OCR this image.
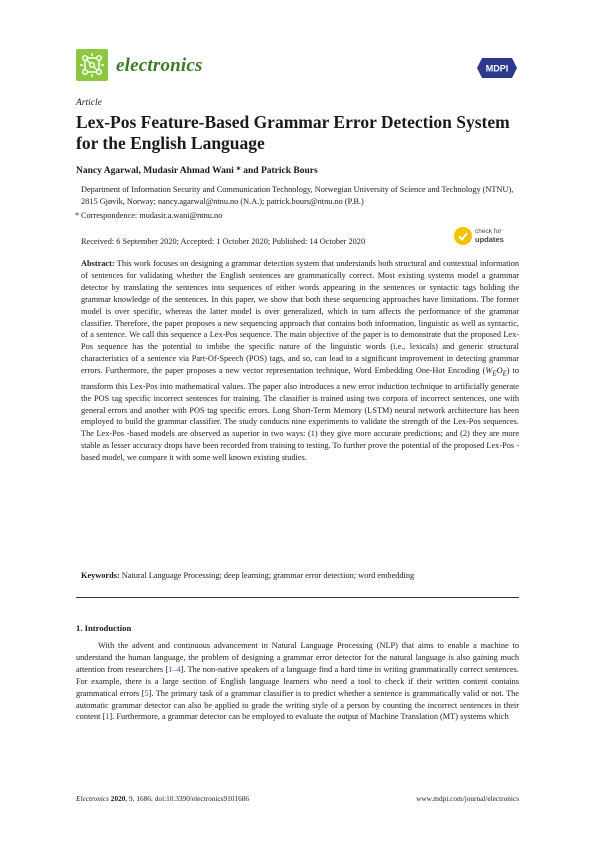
electronics	MDPI
Article
Lex-Pos Feature-Based Grammar Error Detection System for the English Language
Nancy Agarwal, Mudasir Ahmad Wani * and Patrick Bours
Department of Information Security and Communication Technology, Norwegian University of Science and Technology (NTNU), 2815 Gjøvik, Norway; nancy.agarwal@ntnu.no (N.A.); patrick.bours@ntnu.no (P.B.)
* Correspondence: mudasir.a.wani@ntnu.no
Received: 6 September 2020; Accepted: 1 October 2020; Published: 14 October 2020
check for
updates
Abstract: This work focuses on designing a grammar detection system that understands both structural and contextual information of sentences for validating whether the English sentences are grammatically correct. Most existing systems model a grammar detector by translating the sentences into sequences of either words appearing in the sentences or syntactic tags holding the grammar knowledge of the sentences. In this paper, we show that both these sequencing approaches have limitations. The former model is over specific, whereas the latter model is over generalized, which in turn affects the performance of the grammar classifier. Therefore, the paper proposes a new sequencing approach that contains both information, linguistic as well as syntactic, of a sentence. We call this sequence a Lex-Pos sequence. The main objective of the paper is to demonstrate that the proposed Lex-Pos sequence has the potential to imbibe the specific nature of the linguistic words (i.e., lexicals) and generic structural characteristics of a sentence via Part-Of-Speech (POS) tags, and so, can lead to a significant improvement in detecting grammar errors. Furthermore, the paper proposes a new vector representation technique, Word Embedding One-Hot Encoding $(W_EO_E)$ to transform this Lex-Pos into mathematical values. The paper also introduces a new error induction technique to artificially generate the POS tag specific incorrect sentences for training. The classifier is trained using two corpora of incorrect sentences, one with general errors and another with POS tag specific errors. Long Short-Term Memory (LSTM) neural network architecture has been employed to build the grammar classifier. The study conducts nine experiments to validate the strength of the Lex-Pos sequences. The Lex-Pos -based models are observed as superior in two ways: (1) they give more accurate predictions; and (2) they are more stable as lesser accuracy drops have been recorded from training to testing. To further prove the potential of the proposed Lex-Pos -based model, we compare it with some well known existing studies.
Keywords: Natural Language Processing; deep learning; grammar error detection; word embedding
1. Introduction
With the advent and continuous advancement in Natural Language Processing (NLP) that aims to enable a machine to understand the human language, the problem of designing a grammar error detector for the natural language is also gaining much attention from researchers [1–4]. The non-native speakers of a language find a hard time in writing grammatically correct sentences. For example, there is a large section of English language learners who need a tool to check if their written content contains grammatical errors [5]. The primary task of a grammar classifier is to predict whether a sentence is grammatically valid or not. The automatic grammar detector can also be applied to grade the writing style of a person by counting the incorrect sentences in their content [1]. Furthermore, a grammar detector can be employed to evaluate the output of Machine Translation (MT) systems which
Electronics 2020, 9, 1686; doi:10.3390/electronics9101686	www.mdpi.com/journal/electronics
